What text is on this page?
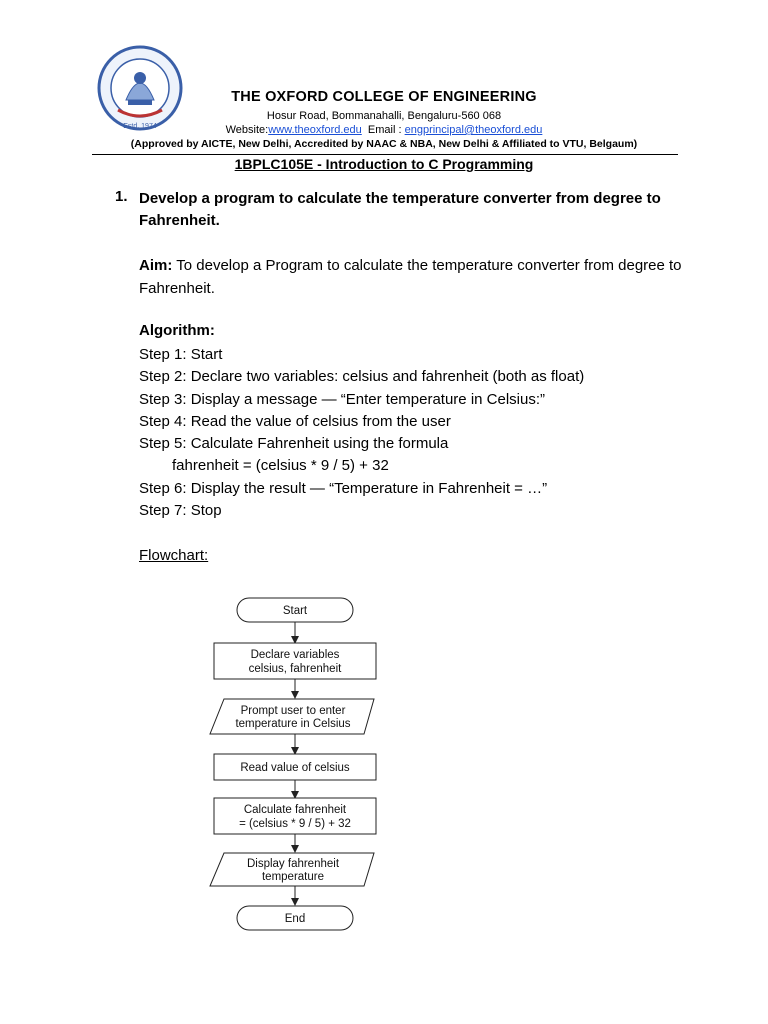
Estd. 1974
THE OXFORD COLLEGE OF ENGINEERING
Hosur Road, Bommanahalli, Bengaluru-560 068
Website:www.theoxford.edu Email : engprincipal@theoxford.edu
(Approved by AICTE, New Delhi, Accredited by NAAC & NBA, New Delhi & Affiliated to VTU, Belgaum)
1BPLC105E - Introduction to C Programming
1. Develop a program to calculate the temperature converter from degree to Fahrenheit.
Aim: To develop a Program to calculate the temperature converter from degree to Fahrenheit.
Algorithm:
Step 1: Start
Step 2: Declare two variables: celsius and fahrenheit (both as float)
Step 3: Display a message — “Enter temperature in Celsius:”
Step 4: Read the value of celsius from the user
Step 5: Calculate Fahrenheit using the formula
fahrenheit = (celsius * 9 / 5) + 32
Step 6: Display the result — “Temperature in Fahrenheit = …”
Step 7: Stop
Flowchart:
Start
Declare variables
celsius, fahrenheit
Prompt user to enter
temperature in Celsius
Read value of celsius
Calculate fahrenheit
= (celsius * 9 / 5) + 32
Display fahrenheit
temperature
End
